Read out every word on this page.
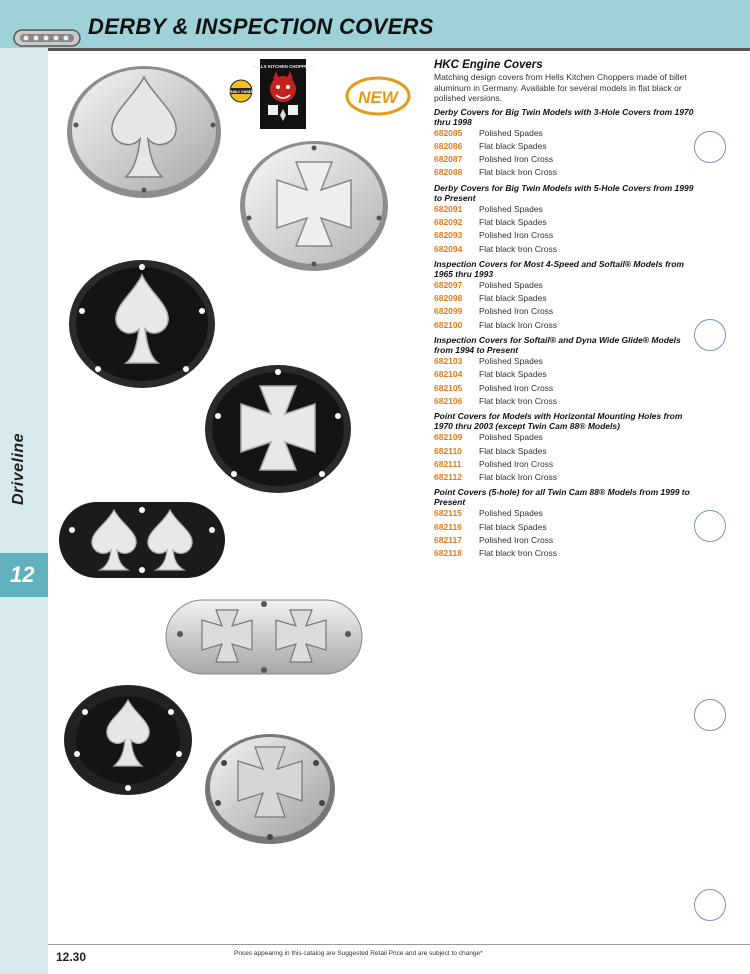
DERBY & INSPECTION COVERS
Driveline
12
HELLS KITCHEN CHOPPERS
FAMILY OWNED	NEW
HKC Engine Covers
Matching design covers from Hells Kitchen Choppers made of billet aluminum in Germany. Available for several models in flat black or polished versions.
Derby Covers for Big Twin Models with 3-Hole Covers from 1970 thru 1998
682085 Polished Spades
682086 Flat black Spades
682087 Polished Iron Cross
682088 Flat black Iron Cross
Derby Covers for Big Twin Models with 5-Hole Covers from 1999 to Present
682091 Polished Spades
682092 Flat black Spades
682093 Polished Iron Cross
682094 Flat black Iron Cross
Inspection Covers for Most 4-Speed and Softail® Models from 1965 thru 1993
682097 Polished Spades
682098 Flat black Spades
682099 Polished Iron Cross
682100 Flat black Iron Cross
Inspection Covers for Softail® and Dyna Wide Glide® Models from 1994 to Present
682103 Polished Spades
682104 Flat black Spades
682105 Polished Iron Cross
682106 Flat black Iron Cross
Point Covers for Models with Horizontal Mounting Holes from 1970 thru 2003 (except Twin Cam 88® Models)
682109 Polished Spades
682110 Flat black Spades
682111 Polished Iron Cross
682112 Flat black Iron Cross
Point Covers (5-hole) for all Twin Cam 88® Models from 1999 to Present
682115 Polished Spades
682116 Flat black Spades
682117 Polished Iron Cross
682118 Flat black Iron Cross
12.30	Prices appearing in this catalog are Suggested Retail Price and are subject to change*
